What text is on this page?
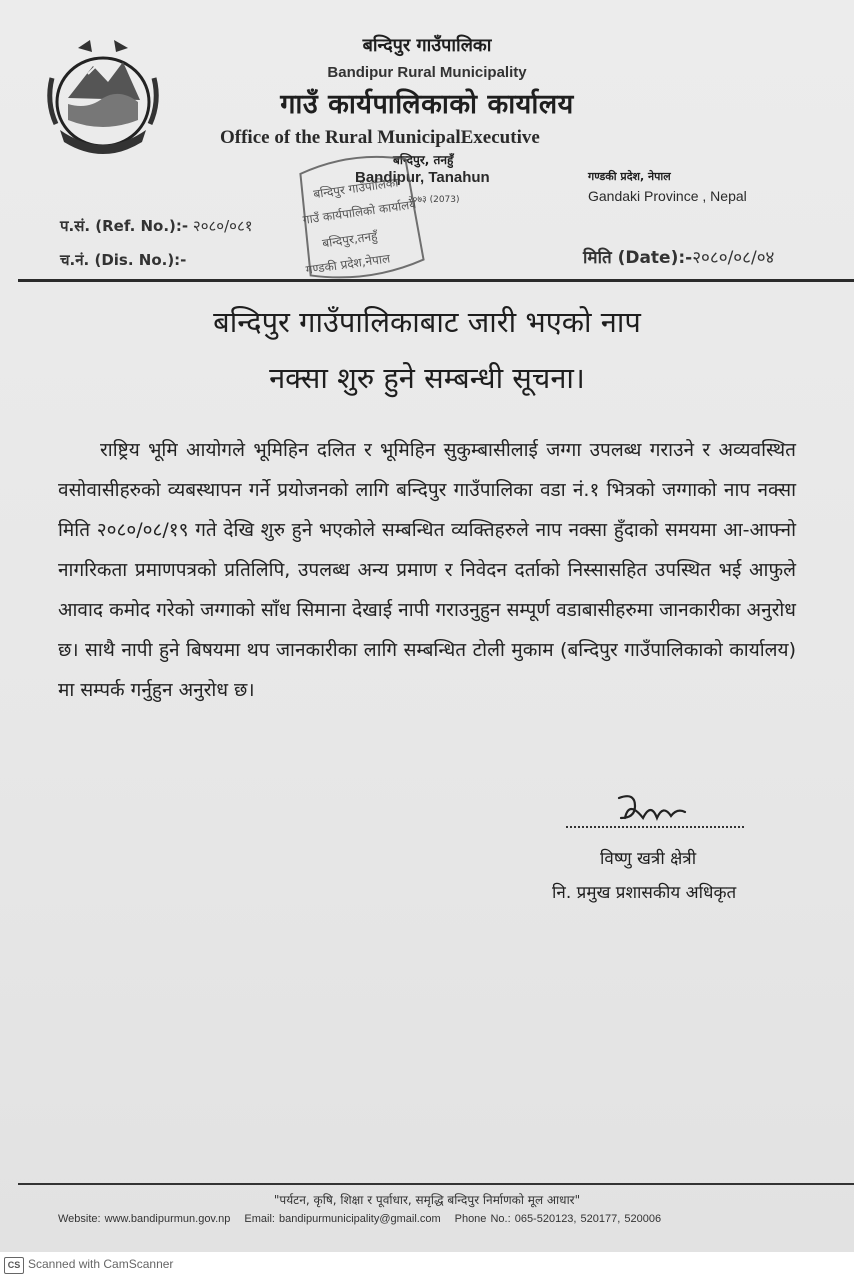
बन्दिपुर गाउँपालिका
Bandipur Rural Municipality
गाउँ कार्यपालिकाको कार्यालय
Office of the Rural MunicipalExecutive
बन्दिपुर, तनहुँ
Bandipur, Tanahun
२०७३ (2073)
गण्डकी प्रदेश, नेपाल
Gandaki Province , Nepal
बन्दिपुर गाउँपालिका
गाउँ कार्यपालिको कार्यालय
बन्दिपुर,तनहुँ
गण्डकी प्रदेश,नेपाल
प.सं. (Ref. No.):- २०८०/०८१
च.नं. (Dis. No.):-	मिति (Date):-२०८०/०८/०४
बन्दिपुर गाउँपालिकाबाट जारी भएको नाप
नक्सा शुरु हुने सम्बन्धी सूचना।

राष्ट्रिय भूमि आयोगले भूमिहिन दलित र भूमिहिन सुकुम्बासीलाई जग्गा उपलब्ध गराउने र अव्यवस्थित वसोवासीहरुको व्यबस्थापन गर्ने प्रयोजनको लागि बन्दिपुर गाउँपालिका वडा नं.१ भित्रको जग्गाको नाप नक्सा मिति २०८०/०८/१९ गते देखि शुरु हुने भएकोले सम्बन्धित व्यक्तिहरुले नाप नक्सा हुँदाको समयमा आ-आफ्नो नागरिकता प्रमाणपत्रको प्रतिलिपि, उपलब्ध अन्य प्रमाण र निवेदन दर्ताको निस्सासहित उपस्थित भई आफुले आवाद कमोद गरेको जग्गाको साँध सिमाना देखाई नापी गराउनुहुन सम्पूर्ण वडाबासीहरुमा जानकारीका अनुरोध छ। साथै नापी हुने बिषयमा थप जानकारीका लागि सम्बन्धित टोली मुकाम (बन्दिपुर गाउँपालिकाको कार्यालय) मा सम्पर्क गर्नुहुन अनुरोध छ।

विष्णु खत्री क्षेत्री
नि. प्रमुख प्रशासकीय अधिकृत
"पर्यटन, कृषि, शिक्षा र पूर्वाधार, समृद्धि बन्दिपुर निर्माणको मूल आधार"
Website: www.bandipurmun.gov.np Email: bandipurmunicipality@gmail.com Phone No.: 065-520123, 520177, 520006
CS Scanned with CamScanner
